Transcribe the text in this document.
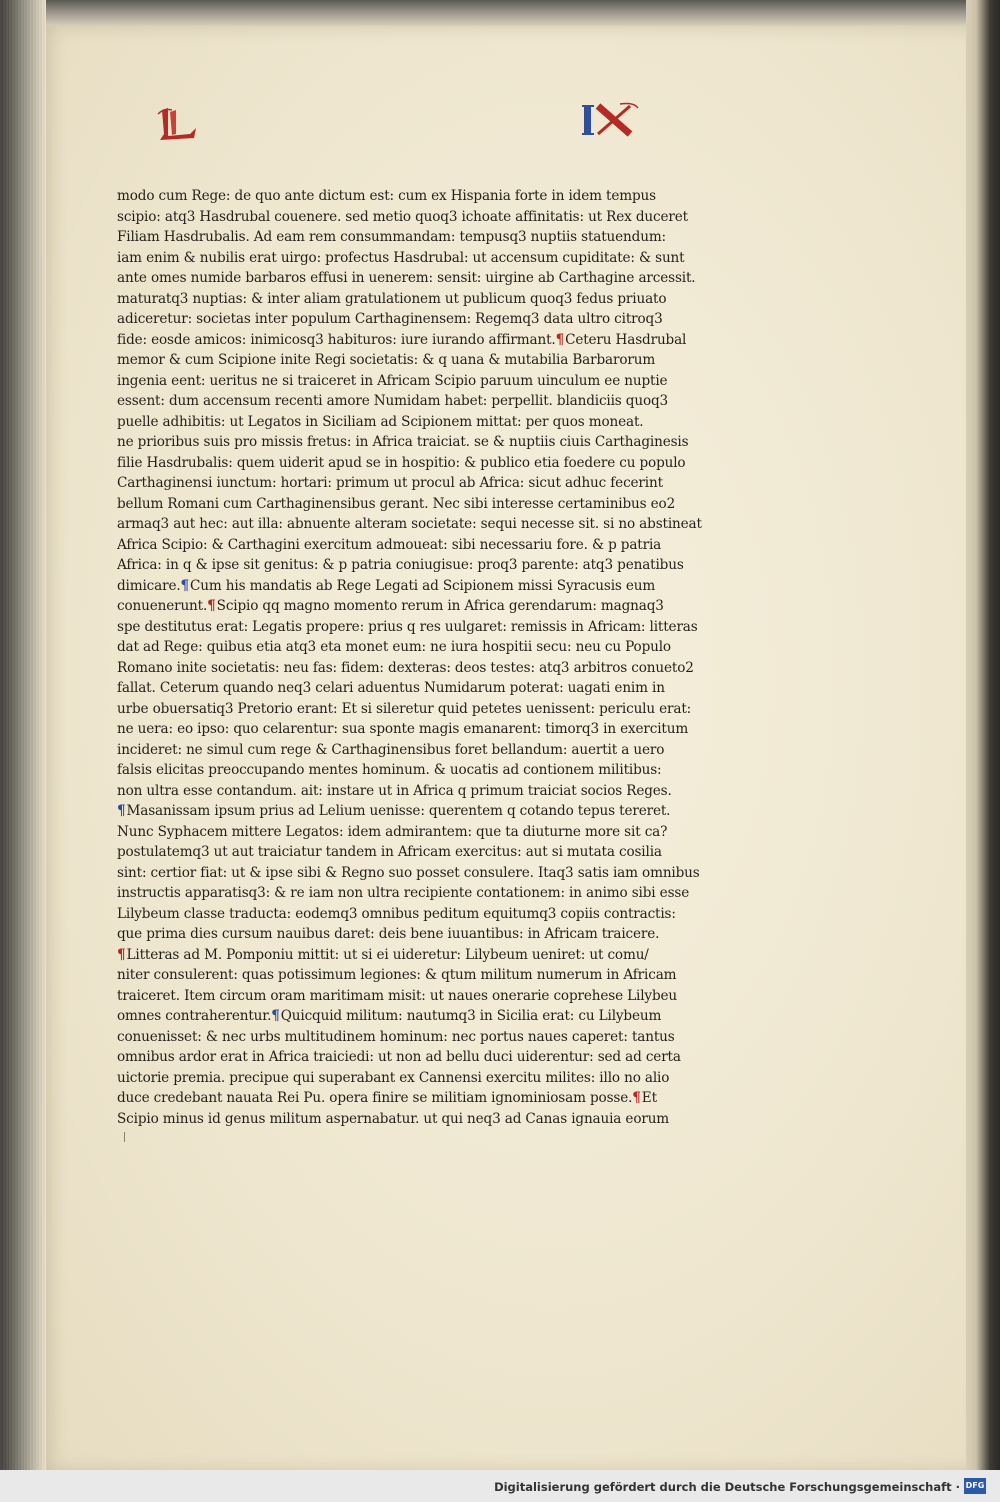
modo cum Rege: de quo ante dictum est: cum ex Hispania forte in idem tempus
scipio: atq3 Hasdrubal couenere. sed metio quoq3 ichoate affinitatis: ut Rex duceret
Filiam Hasdrubalis. Ad eam rem consummandam: tempusq3 nuptiis statuendum:
iam enim & nubilis erat uirgo: profectus Hasdrubal: ut accensum cupiditate: & sunt
ante omes numide barbaros effusi in uenerem: sensit: uirgine ab Carthagine arcessit.
maturatq3 nuptias: & inter aliam gratulationem ut publicum quoq3 fedus priuato
adiceretur: societas inter populum Carthaginensem: Regemq3 data ultro citroq3
fide: eosde amicos: inimicosq3 habituros: iure iurando affirmant.¶Ceteru Hasdrubal
memor & cum Scipione inite Regi societatis: & q uana & mutabilia Barbarorum
ingenia eent: ueritus ne si traiceret in Africam Scipio paruum uinculum ee nuptie
essent: dum accensum recenti amore Numidam habet: perpellit. blandiciis quoq3
puelle adhibitis: ut Legatos in Siciliam ad Scipionem mittat: per quos moneat.
ne prioribus suis pro missis fretus: in Africa traiciat. se & nuptiis ciuis Carthaginesis
filie Hasdrubalis: quem uiderit apud se in hospitio: & publico etia foedere cu populo
Carthaginensi iunctum: hortari: primum ut procul ab Africa: sicut adhuc fecerint
bellum Romani cum Carthaginensibus gerant. Nec sibi interesse certaminibus eo2
armaq3 aut hec: aut illa: abnuente alteram societate: sequi necesse sit. si no abstineat
Africa Scipio: & Carthagini exercitum admoueat: sibi necessariu fore. & p patria
Africa: in q & ipse sit genitus: & p patria coniugisue: proq3 parente: atq3 penatibus
dimicare.¶Cum his mandatis ab Rege Legati ad Scipionem missi Syracusis eum
conuenerunt.¶Scipio qq magno momento rerum in Africa gerendarum: magnaq3
spe destitutus erat: Legatis propere: prius q res uulgaret: remissis in Africam: litteras
dat ad Rege: quibus etia atq3 eta monet eum: ne iura hospitii secu: neu cu Populo
Romano inite societatis: neu fas: fidem: dexteras: deos testes: atq3 arbitros conueto2
fallat. Ceterum quando neq3 celari aduentus Numidarum poterat: uagati enim in
urbe obuersatiq3 Pretorio erant: Et si sileretur quid petetes uenissent: periculu erat:
ne uera: eo ipso: quo celarentur: sua sponte magis emanarent: timorq3 in exercitum
incideret: ne simul cum rege & Carthaginensibus foret bellandum: auertit a uero
falsis elicitas preoccupando mentes hominum. & uocatis ad contionem militibus:
non ultra esse contandum. ait: instare ut in Africa q primum traiciat socios Reges.
¶Masanissam ipsum prius ad Lelium uenisse: querentem q cotando tepus tereret.
Nunc Syphacem mittere Legatos: idem admirantem: que ta diuturne more sit ca?
postulatemq3 ut aut traiciatur tandem in Africam exercitus: aut si mutata cosilia
sint: certior fiat: ut & ipse sibi & Regno suo posset consulere. Itaq3 satis iam omnibus
instructis apparatisq3: & re iam non ultra recipiente contationem: in animo sibi esse
Lilybeum classe traducta: eodemq3 omnibus peditum equitumq3 copiis contractis:
que prima dies cursum nauibus daret: deis bene iuuantibus: in Africam traicere.
¶Litteras ad M. Pomponiu mittit: ut si ei uideretur: Lilybeum ueniret: ut comu/
niter consulerent: quas potissimum legiones: & qtum militum numerum in Africam
traiceret. Item circum oram maritimam misit: ut naues onerarie coprehese Lilybeu
omnes contraherentur.¶Quicquid militum: nautumq3 in Sicilia erat: cu Lilybeum
conuenisset: & nec urbs multitudinem hominum: nec portus naues caperet: tantus
omnibus ardor erat in Africa traiciedi: ut non ad bellu duci uiderentur: sed ad certa
uictorie premia. precipue qui superabant ex Cannensi exercitu milites: illo no alio
duce credebant nauata Rei Pu. opera finire se militiam ignominiosam posse.¶Et
Scipio minus id genus militum aspernabatur. ut qui neq3 ad Canas ignauia eorum
Digitalisierung gefördert durch die Deutsche Forschungsgemeinschaft · DFG
